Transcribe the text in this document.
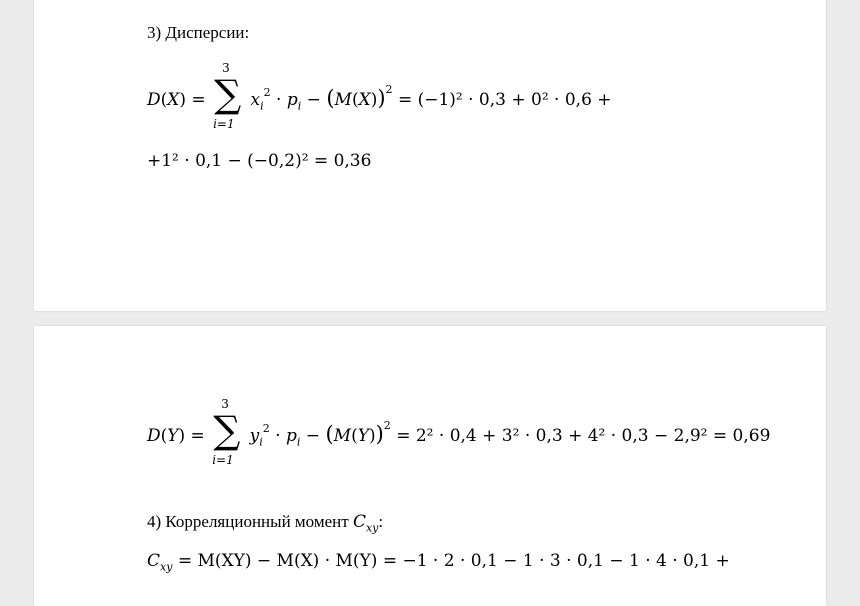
3) Дисперсии:
D(X) =
3
∑
i=1
$x_i^2 \cdot p_i - (M(X))^2 = (-1)^2 \cdot 0,3 + 0^2 \cdot 0,6$ +
+1² · 0,1 − (−0,2)² = 0,36
D(Y) =
3
∑
i=1
$y_i^2 \cdot p_i - (M(Y))^2 = 2^2 \cdot 0,4 + 3^2 \cdot 0,3 + 4^2 \cdot 0,3 - 2,9^2 = 0,69$
4) Корреляционный момент $C_{xy}$:
$C_{xy} = M(XY) - M(X) \cdot M(Y) = -1 \cdot 2 \cdot 0,1 - 1 \cdot 3 \cdot 0,1 - 1 \cdot 4 \cdot 0,1$ +
